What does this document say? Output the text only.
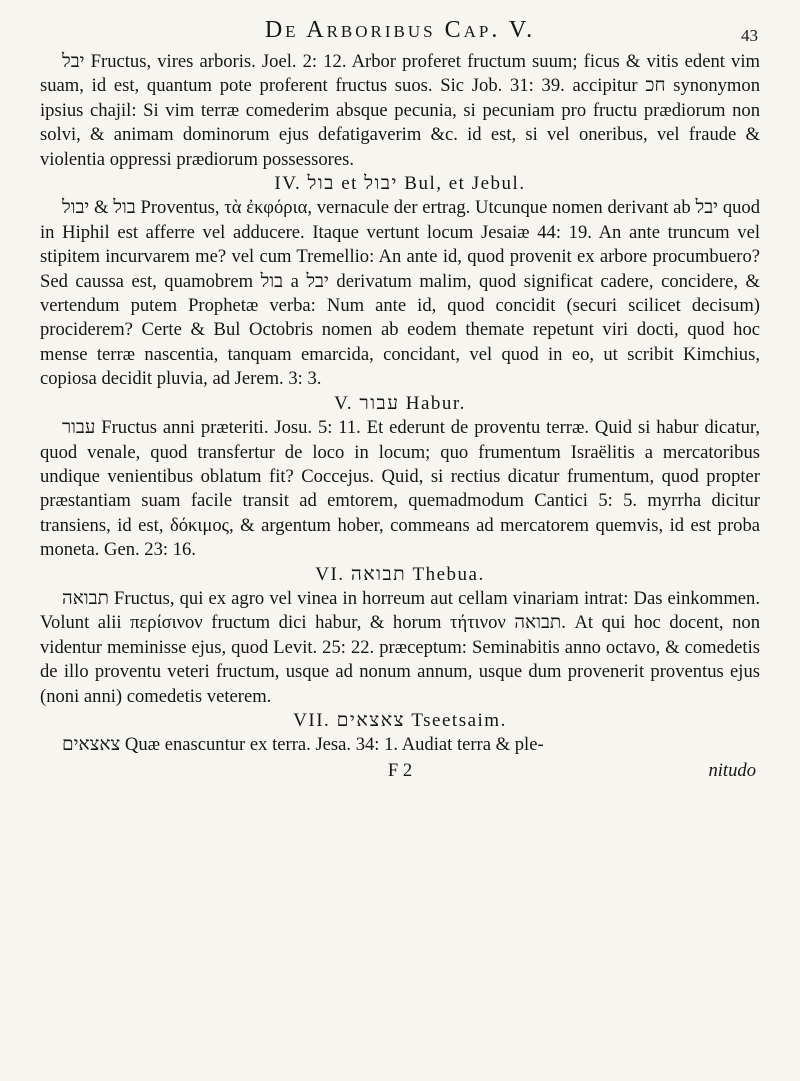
De Arboribus Cap. V.	43

יבל Fructus, vires arboris. Joel. 2: 12. Arbor proferet fructum suum; ficus & vitis edent vim suam, id est, quantum pote proferent fructus suos. Sic Job. 31: 39. accipitur חכ synonymon ipsius chajil: Si vim terræ comederim absque pecunia, si pecuniam pro fructu prædiorum non solvi, & animam dominorum ejus defatigaverim &c. id est, si vel oneribus, vel fraude & violentia oppressi prædiorum possessores.

IV. בול et יבול Bul, et Jebul.

בול & יבול Proventus, τὰ ἐκφόρια, vernacule der ertrag. Utcunque nomen derivant ab יבל quod in Hiphil est afferre vel adducere. Itaque vertunt locum Jesaiæ 44: 19. An ante truncum vel stipitem incurvarem me? vel cum Tremellio: An ante id, quod provenit ex arbore procumbuero? Sed caussa est, quamobrem בול a יבל derivatum malim, quod significat cadere, concidere, & vertendum putem Prophetæ verba: Num ante id, quod concidit (securi scilicet decisum) prociderem? Certe & Bul Octobris nomen ab eodem themate repetunt viri docti, quod hoc mense terræ nascentia, tanquam emarcida, concidant, vel quod in eo, ut scribit Kimchius, copiosa decidit pluvia, ad Jerem. 3: 3.

V. עבור Habur.

עבור Fructus anni præteriti. Josu. 5: 11. Et ederunt de proventu terræ. Quid si habur dicatur, quod venale, quod transfertur de loco in locum; quo frumentum Israëlitis a mercatoribus undique venientibus oblatum fit? Coccejus. Quid, si rectius dicatur frumentum, quod propter præstantiam suam facile transit ad emtorem, quemadmodum Cantici 5: 5. myrrha dicitur transiens, id est, δόκιμος, & argentum hober, commeans ad mercatorem quemvis, id est proba moneta. Gen. 23: 16.

VI. תבואה Thebua.

תבואה Fructus, qui ex agro vel vinea in horreum aut cellam vinariam intrat: Das einkommen. Volunt alii περίσινον fructum dici habur, & horum τήτινον תבואה. At qui hoc docent, non videntur meminisse ejus, quod Levit. 25: 22. præceptum: Seminabitis anno octavo, & comedetis de illo proventu veteri fructum, usque ad nonum annum, usque dum provenerit proventus ejus (noni anni) comedetis veterem.

VII. צאצאים Tseetsaim.

צאצאים Quæ enascuntur ex terra. Jesa. 34: 1. Audiat terra & ple-

F 2	nitudo
